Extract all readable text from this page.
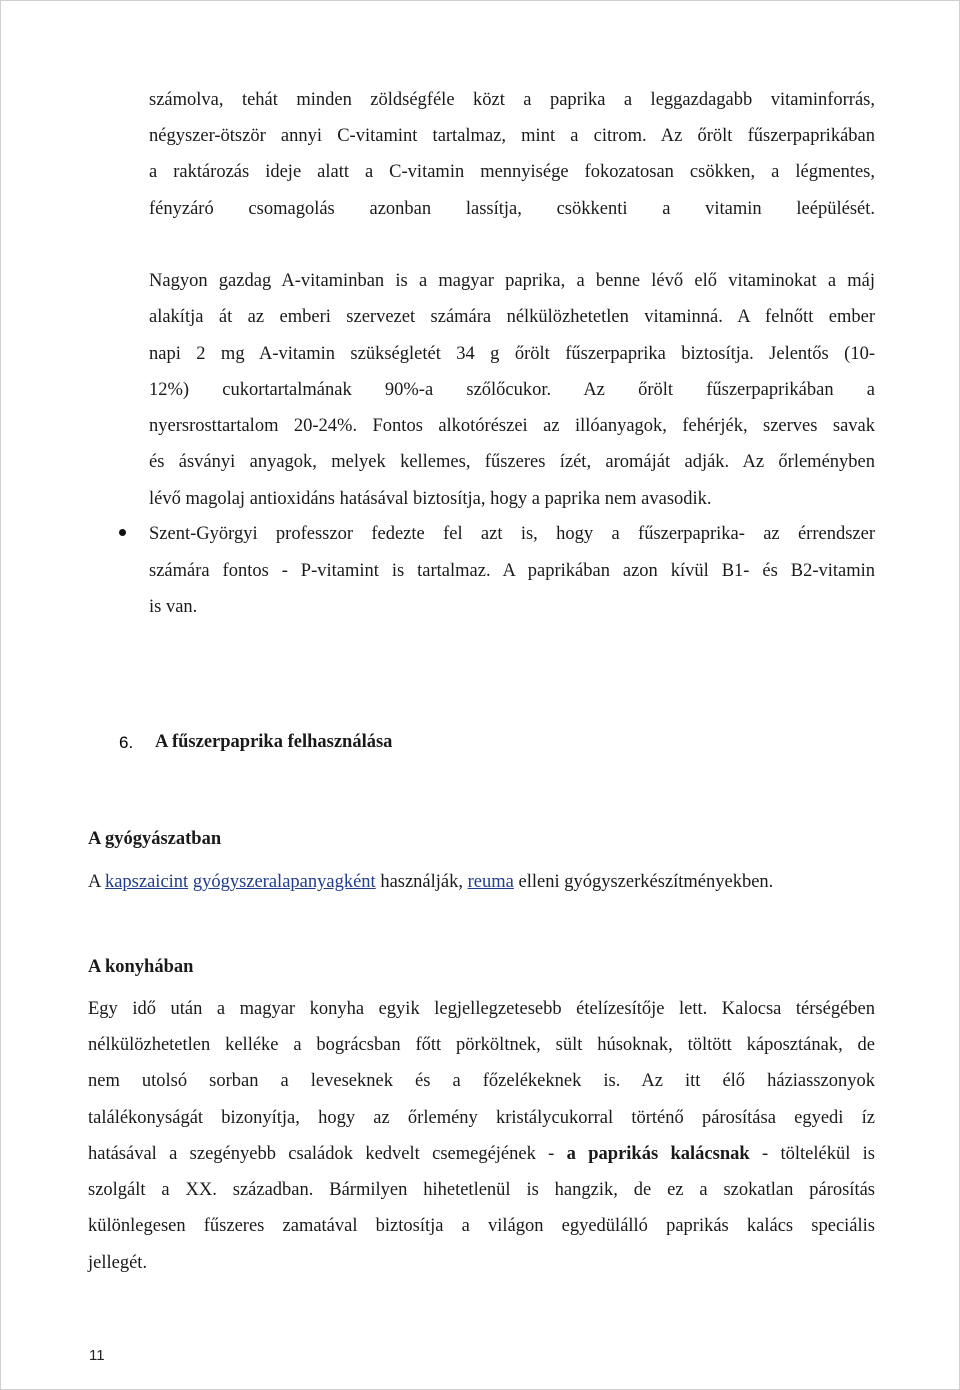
számolva, tehát minden zöldségféle közt a paprika a leggazdagabb vitaminforrás,
négyszer-ötször annyi C-vitamint tartalmaz, mint a citrom. Az őrölt fűszerpaprikában
a raktározás ideje alatt a C-vitamin mennyisége fokozatosan csökken, a légmentes,
fényzáró csomagolás azonban lassítja, csökkenti a vitamin leépülését.
Nagyon gazdag A-vitaminban is a magyar paprika, a benne lévő elő vitaminokat a máj
alakítja át az emberi szervezet számára nélkülözhetetlen vitaminná. A felnőtt ember
napi 2 mg A-vitamin szükségletét 34 g őrölt fűszerpaprika biztosítja. Jelentős (10-
12%) cukortartalmának 90%-a szőlőcukor. Az őrölt fűszerpaprikában a
nyersrosttartalom 20-24%. Fontos alkotórészei az illóanyagok, fehérjék, szerves savak
és ásványi anyagok, melyek kellemes, fűszeres ízét, aromáját adják. Az őrleményben
lévő magolaj antioxidáns hatásával biztosítja, hogy a paprika nem avasodik.
Szent-Györgyi professzor fedezte fel azt is, hogy a fűszerpaprika- az érrendszer
számára fontos - P-vitamint is tartalmaz. A paprikában azon kívül B1- és B2-vitamin
is van.
6. A fűszerpaprika felhasználása
A gyógyászatban
A kapszaicint gyógyszeralapanyagként használják, reuma elleni gyógyszerkészítményekben.
A konyhában
Egy idő után a magyar konyha egyik legjellegzetesebb ételízesítője lett. Kalocsa térségében
nélkülözhetetlen kelléke a bográcsban főtt pörköltnek, sült húsoknak, töltött káposztának, de
nem utolsó sorban a leveseknek és a főzelékeknek is. Az itt élő háziasszonyok
találékonyságát bizonyítja, hogy az őrlemény kristálycukorral történő párosítása egyedi íz
hatásával a szegényebb családok kedvelt csemegéjének - a paprikás kalácsnak - töltelékül is
szolgált a XX. században. Bármilyen hihetetlenül is hangzik, de ez a szokatlan párosítás
különlegesen fűszeres zamatával biztosítja a világon egyedülálló paprikás kalács speciális
jellegét.
11
